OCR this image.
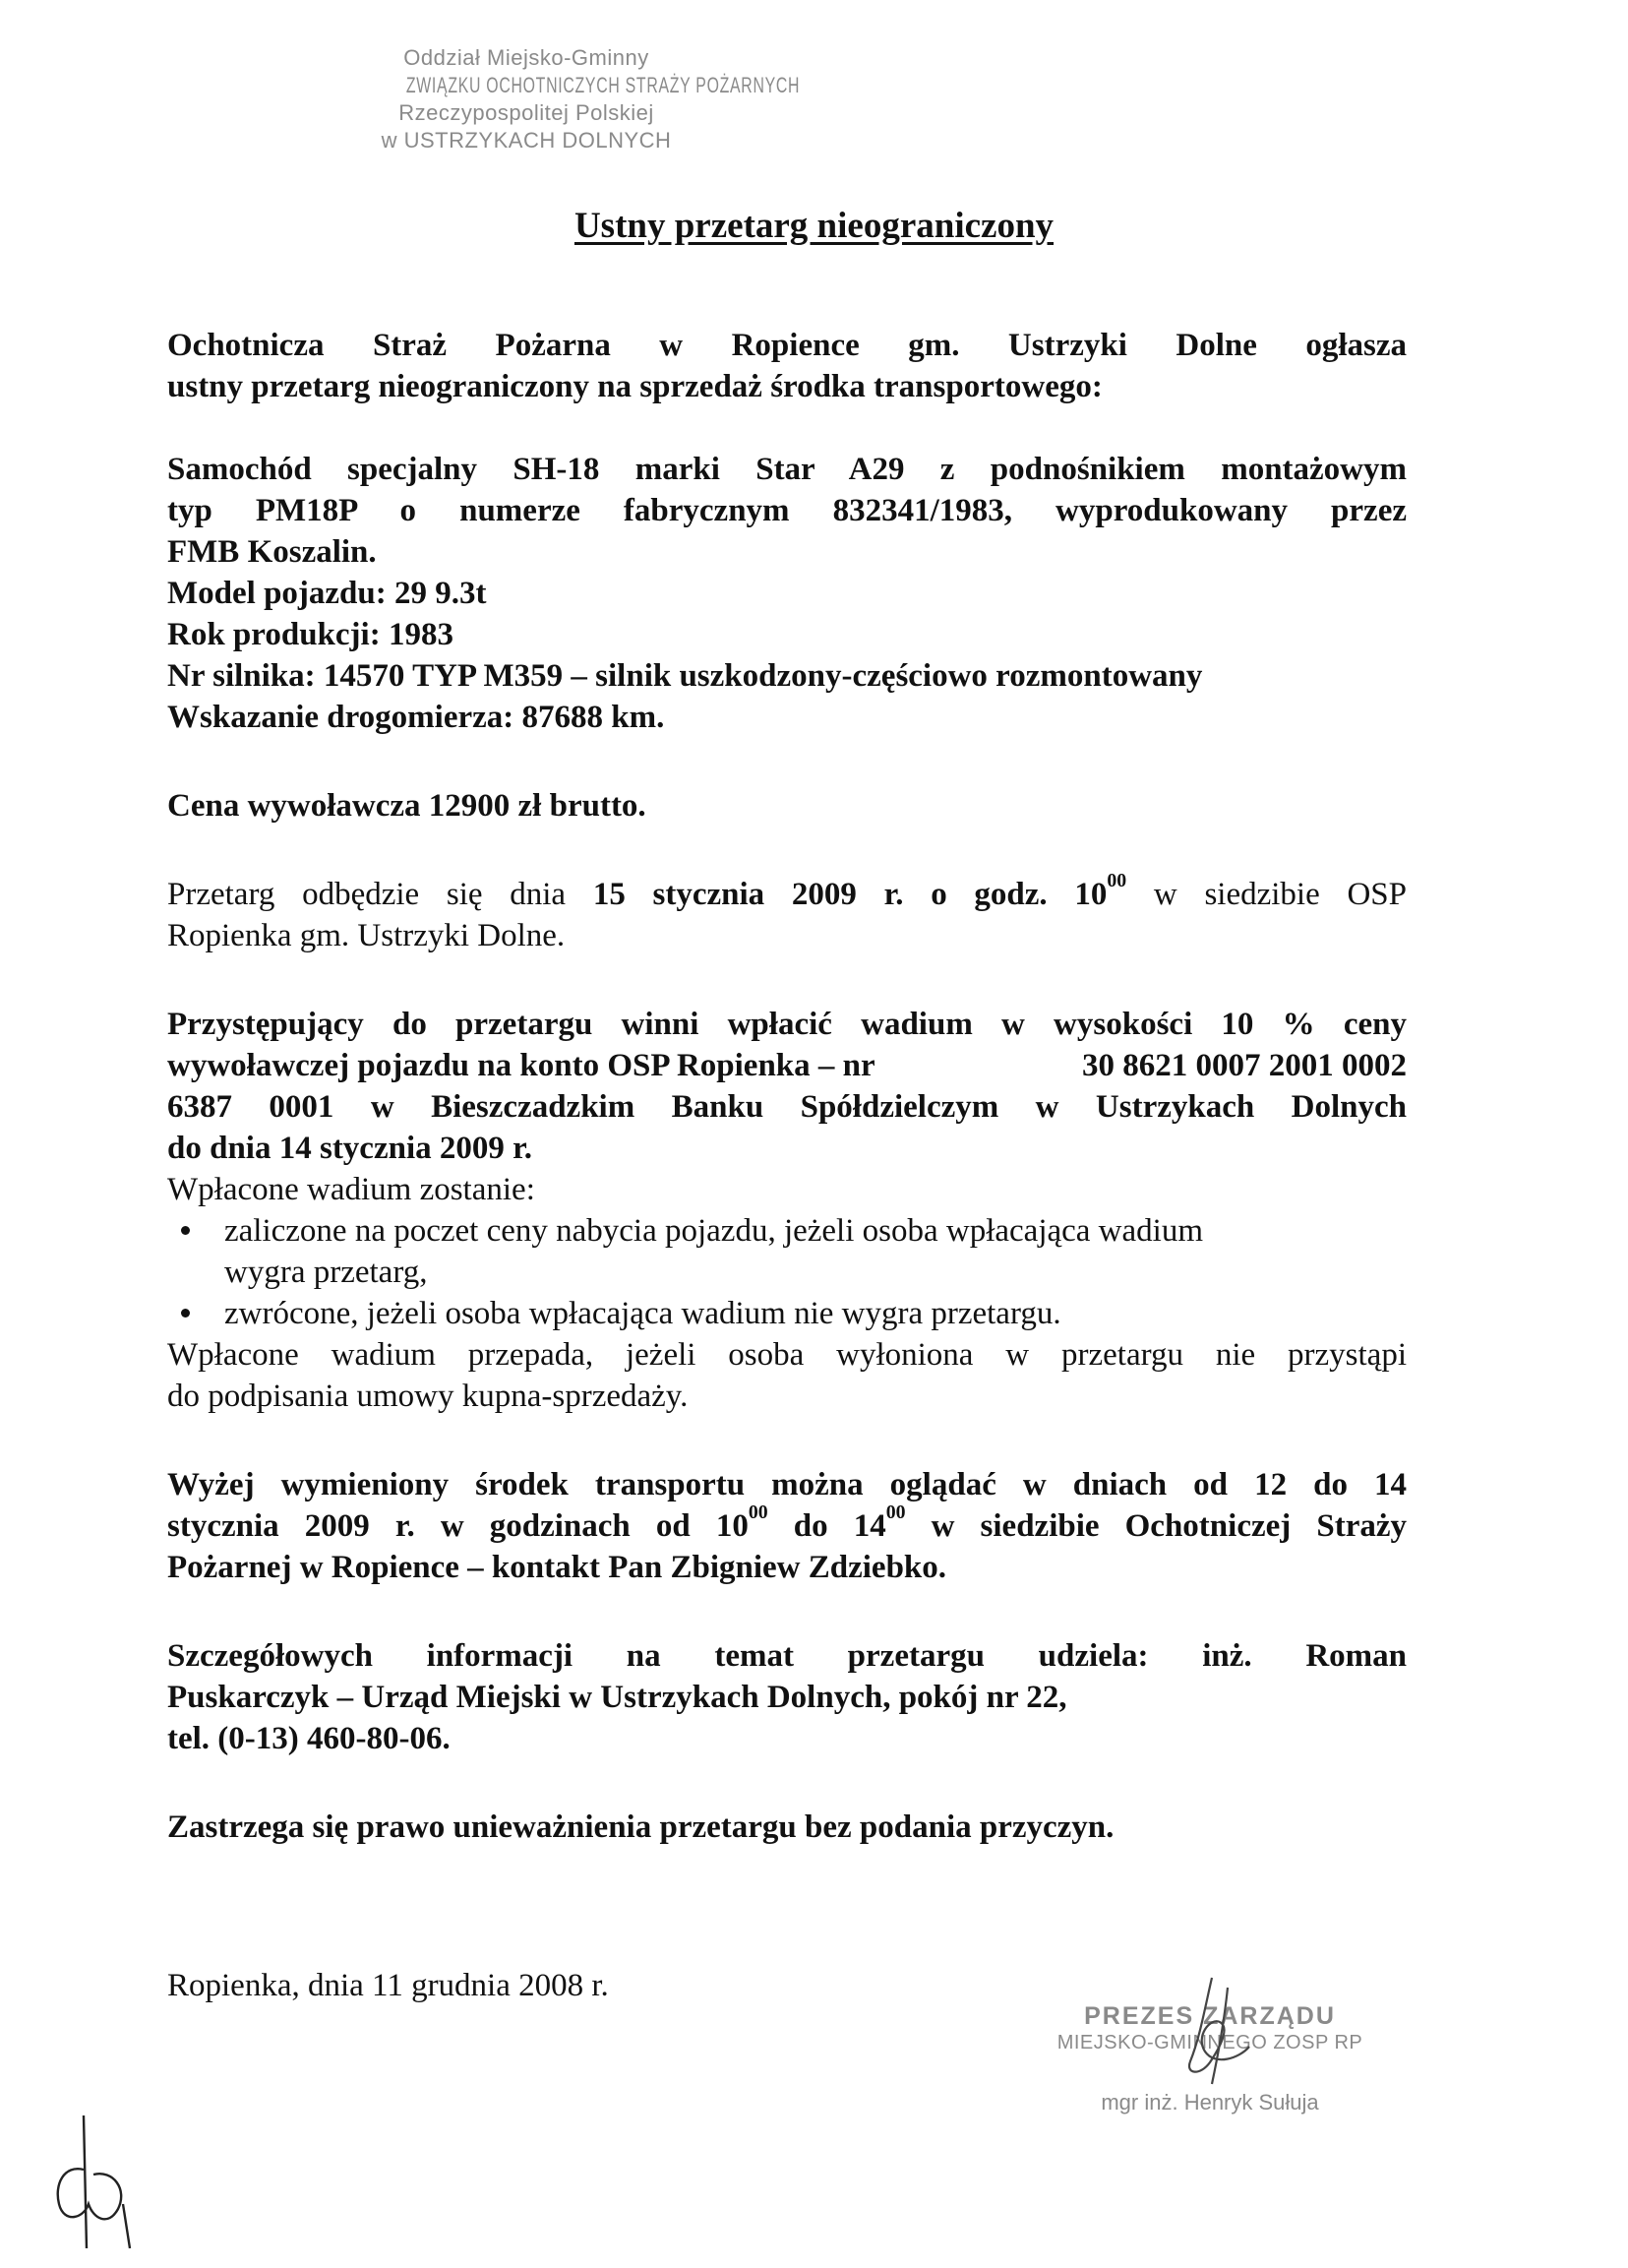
Oddział Miejsko-Gminny
ZWIĄZKU OCHOTNICZYCH STRAŻY POŻARNYCH
Rzeczypospolitej Polskiej
w USTRZYKACH DOLNYCH
Ustny przetarg nieograniczony

Ochotnicza Straż Pożarna w Ropience gm. Ustrzyki Dolne ogłasza

ustny przetarg nieograniczony na sprzedaż środka transportowego:

Samochód specjalny SH-18 marki Star A29 z podnośnikiem montażowym

typ PM18P o numerze fabrycznym 832341/1983, wyprodukowany przez

FMB Koszalin.

Model pojazdu: 29 9.3t

Rok produkcji: 1983

Nr silnika: 14570 TYP M359 – silnik uszkodzony-częściowo rozmontowany

Wskazanie drogomierza: 87688 km.

Cena wywoławcza 12900 zł brutto.

Przetarg odbędzie się dnia 15 stycznia 2009 r. o godz. $10^{00}$ w siedzibie OSP

Ropienka gm. Ustrzyki Dolne.

Przystępujący do przetargu winni wpłacić wadium w wysokości 10 % ceny

wywoławczej pojazdu na konto OSP Ropienka – nr	30 8621 0007 2001 0002

6387 0001 w Bieszczadzkim Banku Spółdzielczym w Ustrzykach Dolnych

do dnia 14 stycznia 2009 r.

Wpłacone wadium zostanie:

zaliczone na poczet ceny nabycia pojazdu, jeżeli osoba wpłacająca wadium
wygra przetarg,
zwrócone, jeżeli osoba wpłacająca wadium nie wygra przetargu.

Wpłacone wadium przepada, jeżeli osoba wyłoniona w przetargu nie przystąpi

do podpisania umowy kupna-sprzedaży.

Wyżej wymieniony środek transportu można oglądać w dniach od 12 do 14

stycznia 2009 r. w godzinach od $10^{00}$ do $14^{00}$ w siedzibie Ochotniczej Straży

Pożarnej w Ropience – kontakt Pan Zbigniew Zdziebko.

Szczegółowych informacji na temat przetargu udziela: inż. Roman

Puskarczyk – Urząd Miejski w Ustrzykach Dolnych, pokój nr 22,

tel. (0-13) 460-80-06.

Zastrzega się prawo unieważnienia przetargu bez podania przyczyn.

Ropienka, dnia 11 grudnia 2008 r.
PREZES ZARZĄDU
MIEJSKO-GMINNEGO ZOSP RP
mgr inż. Henryk Sułuja
